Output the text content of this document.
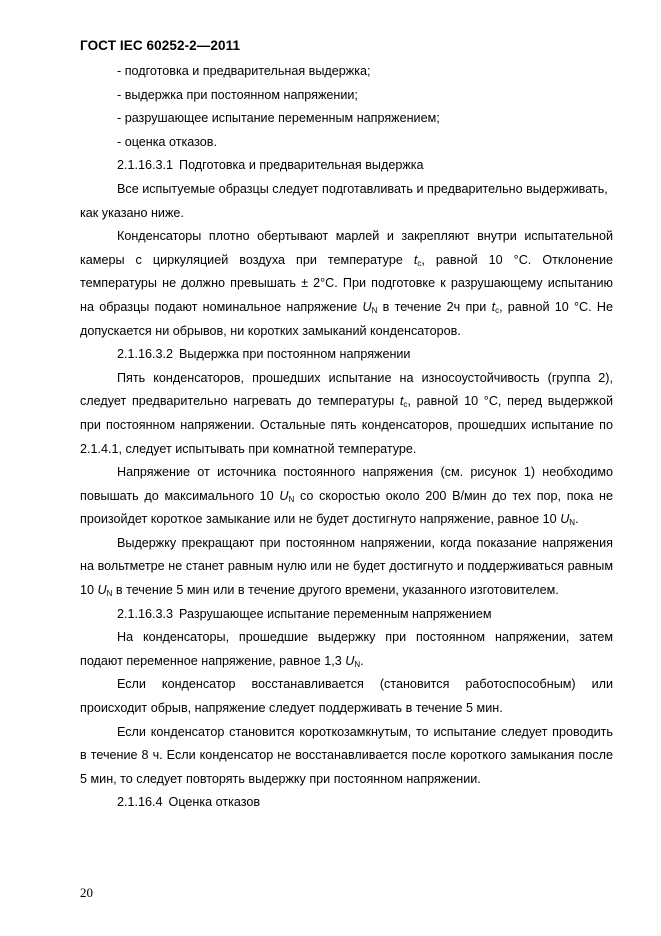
ГОСТ IEC 60252-2—2011

- подготовка и предварительная выдержка;

- выдержка при постоянном напряжении;

- разрушающее испытание переменным напряжением;

- оценка отказов.

2.1.16.3.1 Подготовка и предварительная выдержка

Все испытуемые образцы следует подготавливать и предварительно выдерживать, как указано ниже.

Конденсаторы плотно обертывают марлей и закрепляют внутри испытательной камеры с циркуляцией воздуха при температуре $t_c$, равной 10 °С. Отклонение температуры не должно превышать ± 2°С. При подготовке к разрушающему испытанию на образцы подают номинальное напряжение $U_N$ в течение 2ч при $t_c$, равной 10 °С. Не допускается ни обрывов, ни коротких замыканий конденсаторов.

2.1.16.3.2 Выдержка при постоянном напряжении

Пять конденсаторов, прошедших испытание на износоустойчивость (группа 2), следует предварительно нагревать до температуры $t_c$, равной 10 °С, перед выдержкой при постоянном напряжении. Остальные пять конденсаторов, прошедших испытание по 2.1.4.1, следует испытывать при комнатной температуре.

Напряжение от источника постоянного напряжения (см. рисунок 1) необходимо повышать до максимального 10 $U_N$ со скоростью около 200 В/мин до тех пор, пока не произойдет короткое замыкание или не будет достигнуто напряжение, равное 10 $U_N$.

Выдержку прекращают при постоянном напряжении, когда показание напряжения на вольтметре не станет равным нулю или не будет достигнуто и поддерживаться равным 10 $U_N$ в течение 5 мин или в течение другого времени, указанного изготовителем.

2.1.16.3.3 Разрушающее испытание переменным напряжением

На конденсаторы, прошедшие выдержку при постоянном напряжении, затем подают переменное напряжение, равное 1,3 $U_N$.

Если конденсатор восстанавливается (становится работоспособным) или происходит обрыв, напряжение следует поддерживать в течение 5 мин.

Если конденсатор становится короткозамкнутым, то испытание следует проводить в течение 8 ч. Если конденсатор не восстанавливается после короткого замыкания после 5 мин, то следует повторять выдержку при постоянном напряжении.

2.1.16.4 Оценка отказов

20
